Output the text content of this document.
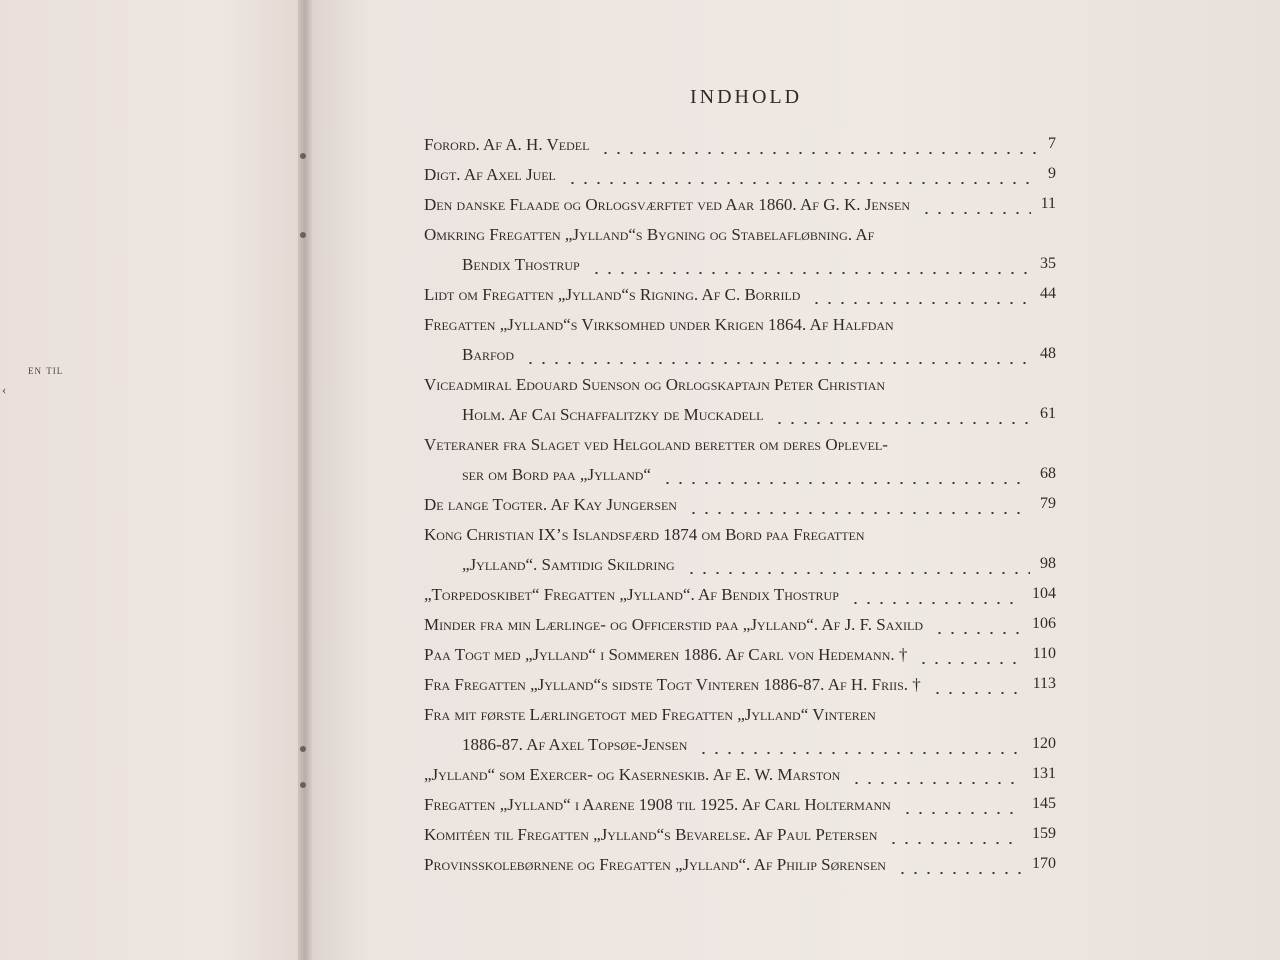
en til
‹
INDHOLD
Forord. Af A. H. Vedel	7
Digt. Af Axel Juel	9
Den danske Flaade og Orlogsværftet ved Aar 1860. Af G. K. Jensen	11
Omkring Fregatten „Jylland“s Bygning og Stabelafløbning. Af
Bendix Thostrup	35
Lidt om Fregatten „Jylland“s Rigning. Af C. Borrild	44
Fregatten „Jylland“s Virksomhed under Krigen 1864. Af Halfdan
Barfod	48
Viceadmiral Edouard Suenson og Orlogskaptajn Peter Christian
Holm. Af Cai Schaffalitzky de Muckadell	61
Veteraner fra Slaget ved Helgoland beretter om deres Oplevel-
ser om Bord paa „Jylland“	68
De lange Togter. Af Kay Jungersen	79
Kong Christian IX’s Islandsfærd 1874 om Bord paa Fregatten
„Jylland“. Samtidig Skildring	98
„Torpedoskibet“ Fregatten „Jylland“. Af Bendix Thostrup	104
Minder fra min Lærlinge- og Officerstid paa „Jylland“. Af J. F. Saxild	106
Paa Togt med „Jylland“ i Sommeren 1886. Af Carl von Hedemann. †	110
Fra Fregatten „Jylland“s sidste Togt Vinteren 1886-87. Af H. Friis. †	113
Fra mit første Lærlingetogt med Fregatten „Jylland“ Vinteren
1886-87. Af Axel Topsøe-Jensen	120
„Jylland“ som Exercer- og Kaserneskib. Af E. W. Marston	131
Fregatten „Jylland“ i Aarene 1908 til 1925. Af Carl Holtermann	145
Komitéen til Fregatten „Jylland“s Bevarelse. Af Paul Petersen	159
Provinsskolebørnene og Fregatten „Jylland“. Af Philip Sørensen	170
